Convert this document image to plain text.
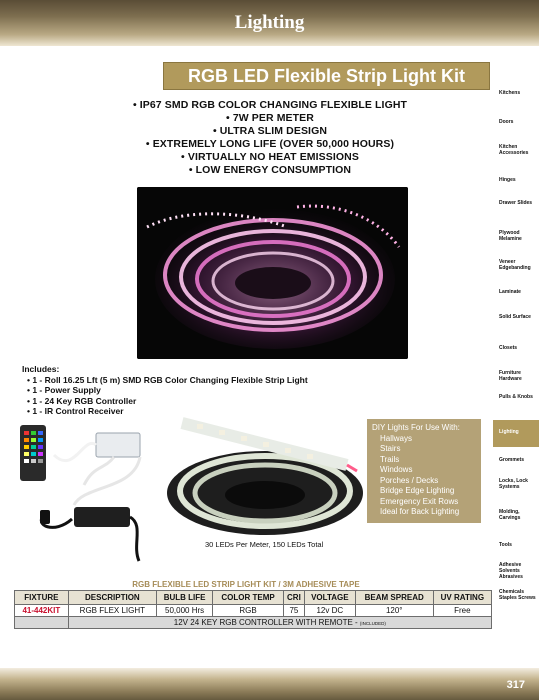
Lighting
RGB LED Flexible Strip Light Kit
• IP67 SMD RGB COLOR CHANGING FLEXIBLE LIGHT
• 7W PER METER
• ULTRA SLIM DESIGN
• EXTREMELY LONG LIFE (OVER 50,000 HOURS)
• VIRTUALLY NO HEAT EMISSIONS
• LOW ENERGY CONSUMPTION
Includes:
• 1 - Roll 16.25 Lft (5 m) SMD RGB Color Changing Flexible Strip Light
• 1 - Power Supply
• 1 - 24 Key RGB Controller
• 1 - IR Control Receiver
30 LEDs Per Meter, 150 LEDs Total
DIY Lights For Use With:
Hallways
Stairs
Trails
Windows
Porches / Decks
Bridge Edge Lighting
Emergency Exit Rows
Ideal for Back Lighting
RGB FLEXIBLE LED STRIP LIGHT KIT / 3M ADHESIVE TAPE
FIXTURE	DESCRIPTION	BULB LIFE	COLOR TEMP	CRI	VOLTAGE	BEAM SPREAD	UV RATING
41-442KIT	RGB FLEX LIGHT	50,000 Hrs	RGB	75	12v DC	120°	Free
	12V 24 KEY RGB CONTROLLER WITH REMOTE - (INCLUDED)						
Kitchens
Doors
Kitchen Accessories
Hinges
Drawer Slides
Plywood Melamine
Veneer Edgebanding
Laminate
Solid Surface
Closets
Furniture Hardware
Pulls & Knobs
Lighting
Grommets
Locks, Lock Systems
Molding, Carvings
Tools
Adhesive Solvents Abrasives
Chemicals Staples Screws
317
